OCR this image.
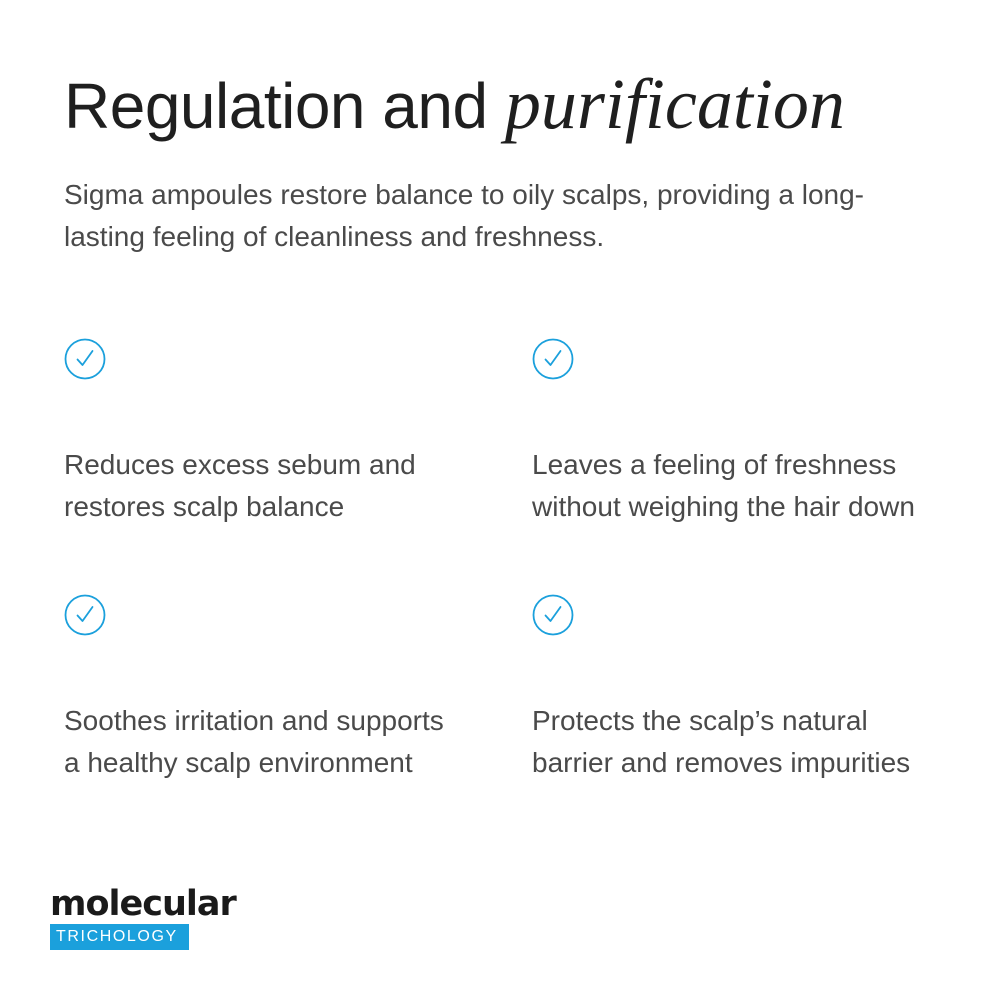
Regulation and purification

Sigma ampoules restore balance to oily scalps, providing a long-lasting feeling of cleanliness and freshness.

Reduces excess sebum and restores scalp balance

Leaves a feeling of freshness without weighing the hair down

Soothes irritation and supports a healthy scalp environment

Protects the scalp’s natural barrier and removes impurities

molecular
TRICHOLOGY
